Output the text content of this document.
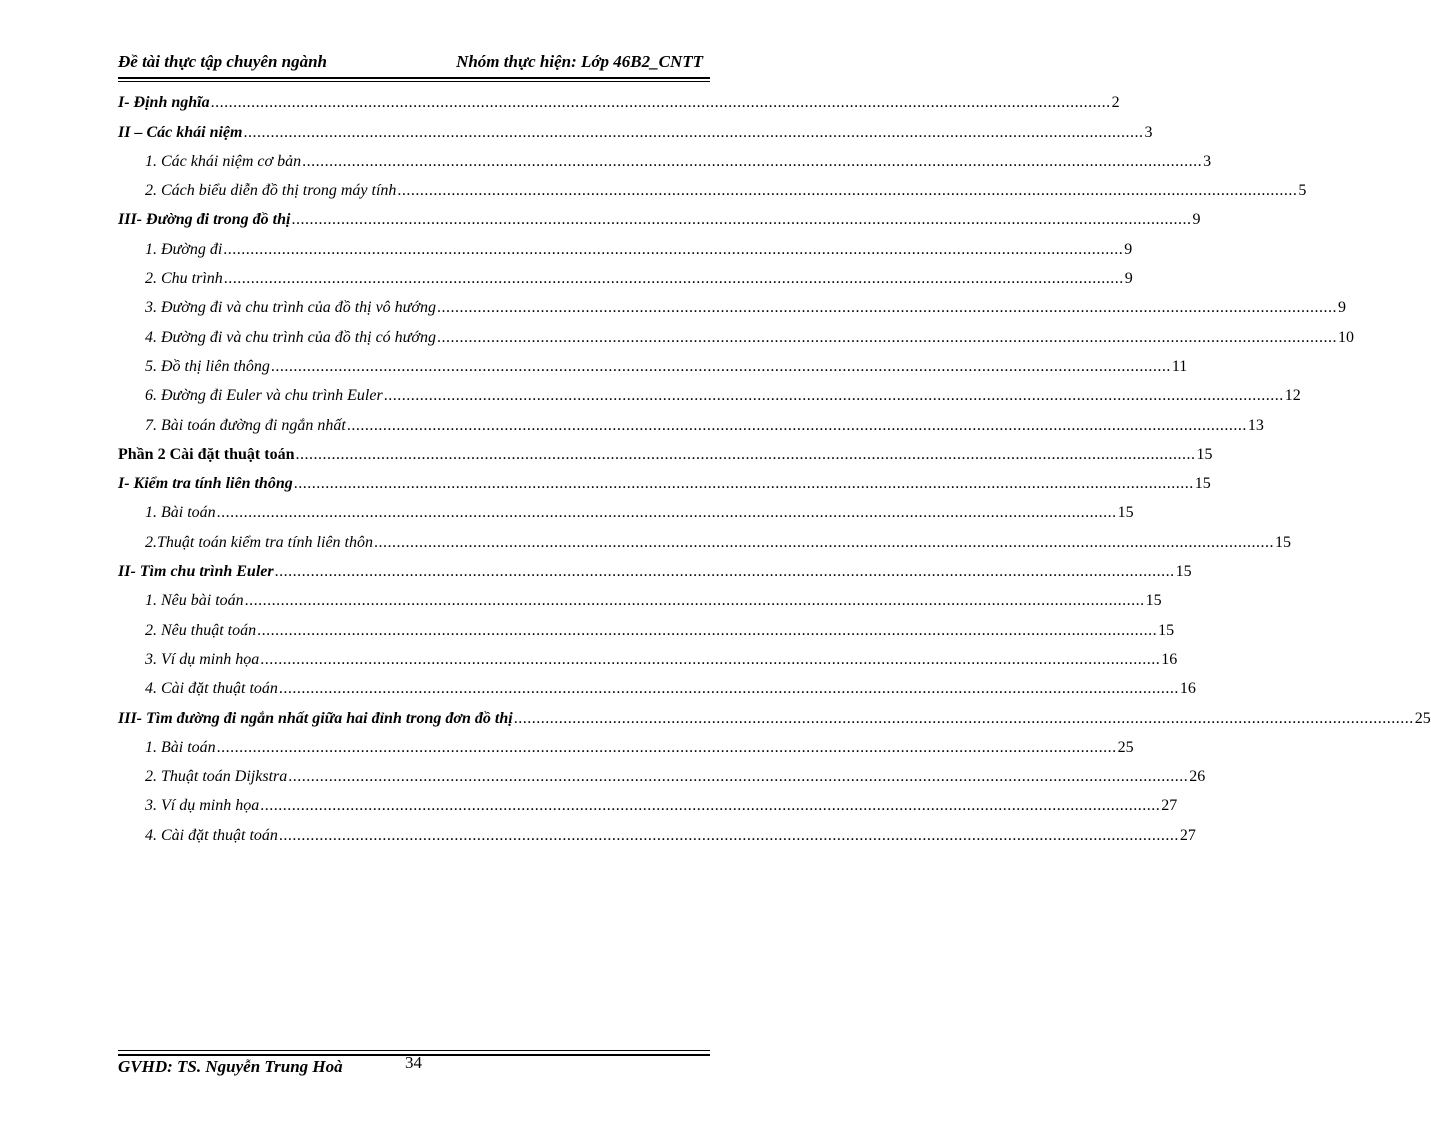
Đề tài thực tập chuyên ngành	Nhóm thực hiện: Lớp 46B2_CNTT
I- Định nghĩa ........................................................................................................................................................................................................ 2
II – Các khái niệm ........................................................................................................................................................................................................ 3
1. Các khái niệm cơ bản ........................................................................................................................................................................................................ 3
2. Cách biểu diễn đồ thị trong máy tính ........................................................................................................................................................................................................ 5
III- Đường đi trong đồ thị ........................................................................................................................................................................................................ 9
1. Đường đi ........................................................................................................................................................................................................ 9
2. Chu trình ........................................................................................................................................................................................................ 9
3. Đường đi và chu trình của đồ thị vô hướng ........................................................................................................................................................................................................ 9
4. Đường đi và chu trình của đồ thị có hướng ........................................................................................................................................................................................................ 10
5. Đồ thị liên thông ........................................................................................................................................................................................................ 11
6. Đường đi Euler và chu trình Euler ........................................................................................................................................................................................................ 12
7. Bài toán đường đi ngắn nhất ........................................................................................................................................................................................................ 13
Phần 2 Cài đặt thuật toán ........................................................................................................................................................................................................ 15
I- Kiểm tra tính liên thông ........................................................................................................................................................................................................ 15
1. Bài toán ........................................................................................................................................................................................................ 15
2.Thuật toán kiểm tra tính liên thôn ........................................................................................................................................................................................................ 15
II- Tìm chu trình Euler ........................................................................................................................................................................................................ 15
1. Nêu bài toán ........................................................................................................................................................................................................ 15
2. Nêu thuật toán ........................................................................................................................................................................................................ 15
3. Ví dụ minh họa ........................................................................................................................................................................................................ 16
4. Cài đặt thuật toán ........................................................................................................................................................................................................ 16
III- Tìm đường đi ngắn nhất giữa hai đỉnh trong đơn đồ thị ........................................................................................................................................................................................................ 25
1. Bài toán ........................................................................................................................................................................................................ 25
2. Thuật toán Dijkstra ........................................................................................................................................................................................................ 26
3. Ví dụ minh họa ........................................................................................................................................................................................................ 27
4. Cài đặt thuật toán ........................................................................................................................................................................................................ 27
GVHD: TS. Nguyễn Trung Hoà	34
